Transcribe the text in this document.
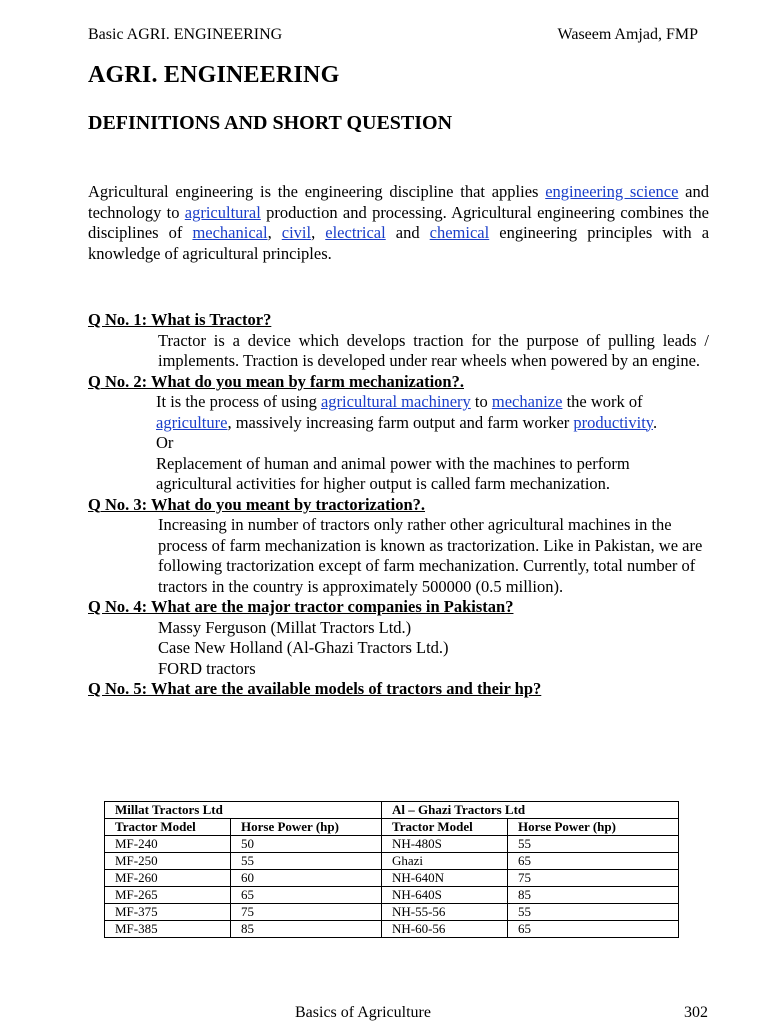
Basic AGRI. ENGINEERING	Waseem Amjad, FMP
AGRI. ENGINEERING
DEFINITIONS AND SHORT QUESTION

Agricultural engineering is the engineering discipline that applies engineering science and technology to agricultural production and processing. Agricultural engineering combines the disciplines of mechanical, civil, electrical and chemical engineering principles with a knowledge of agricultural principles.

Q No. 1: What is Tractor?

Tractor is a device which develops traction for the purpose of pulling leads / implements. Traction is developed under rear wheels when powered by an engine.

Q No. 2: What do you mean by farm mechanization?.

It is the process of using agricultural machinery to mechanize the work of agriculture, massively increasing farm output and farm worker productivity.

Or

Replacement of human and animal power with the machines to perform agricultural activities for higher output is called farm mechanization.

Q No. 3: What do you meant by tractorization?.

Increasing in number of tractors only rather other agricultural machines in the process of farm mechanization is known as tractorization. Like in Pakistan, we are following tractorization except of farm mechanization. Currently, total number of tractors in the country is approximately 500000 (0.5 million).

Q No. 4: What are the major tractor companies in Pakistan?

Massy Ferguson (Millat Tractors Ltd.)

Case New Holland (Al-Ghazi Tractors Ltd.)

FORD tractors

Q No. 5: What are the available models of tractors and their hp?

Millat Tractors Ltd		Al – Ghazi Tractors Ltd	
Tractor Model	Horse Power (hp)	Tractor Model	Horse Power (hp)
MF-240	50	NH-480S	55
MF-250	55	Ghazi	65
MF-260	60	NH-640N	75
MF-265	65	NH-640S	85
MF-375	75	NH-55-56	55
MF-385	85	NH-60-56	65
Basics of Agriculture	302
